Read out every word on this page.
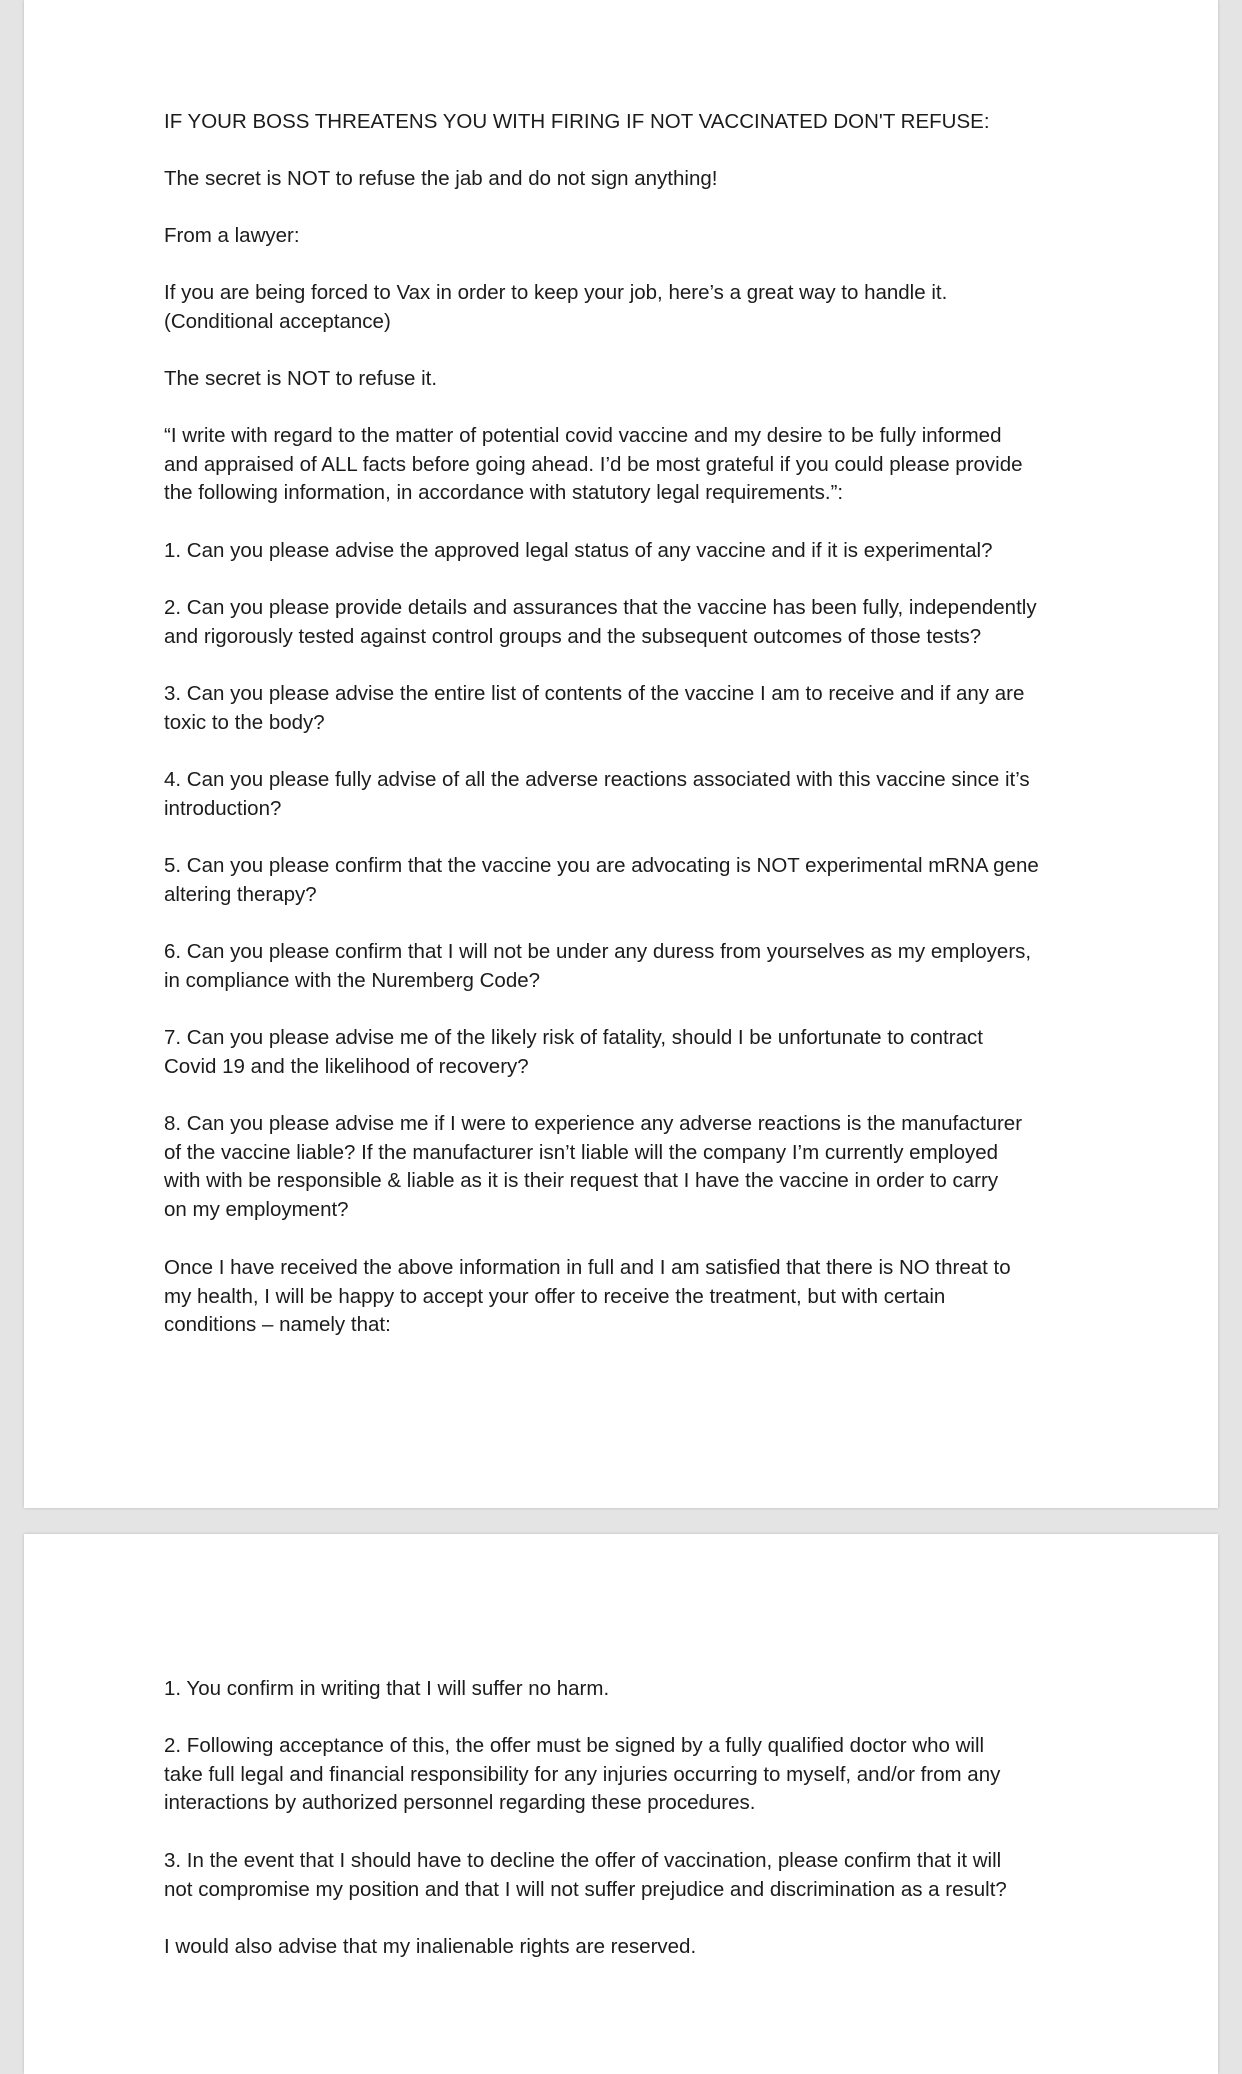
IF YOUR BOSS THREATENS YOU WITH FIRING IF NOT VACCINATED DON'T REFUSE:

The secret is NOT to refuse the jab and do not sign anything!

From a lawyer:

If you are being forced to Vax in order to keep your job, here’s a great way to handle it.
(Conditional acceptance)

The secret is NOT to refuse it.

“I write with regard to the matter of potential covid vaccine and my desire to be fully informed
and appraised of ALL facts before going ahead. I’d be most grateful if you could please provide
the following information, in accordance with statutory legal requirements.”:

1. Can you please advise the approved legal status of any vaccine and if it is experimental?

2. Can you please provide details and assurances that the vaccine has been fully, independently
and rigorously tested against control groups and the subsequent outcomes of those tests?

3. Can you please advise the entire list of contents of the vaccine I am to receive and if any are
toxic to the body?

4. Can you please fully advise of all the adverse reactions associated with this vaccine since it’s
introduction?

5. Can you please confirm that the vaccine you are advocating is NOT experimental mRNA gene
altering therapy?

6. Can you please confirm that I will not be under any duress from yourselves as my employers,
in compliance with the Nuremberg Code?

7. Can you please advise me of the likely risk of fatality, should I be unfortunate to contract
Covid 19 and the likelihood of recovery?

8. Can you please advise me if I were to experience any adverse reactions is the manufacturer
of the vaccine liable? If the manufacturer isn’t liable will the company I’m currently employed
with with be responsible & liable as it is their request that I have the vaccine in order to carry
on my employment?

Once I have received the above information in full and I am satisfied that there is NO threat to
my health, I will be happy to accept your offer to receive the treatment, but with certain
conditions – namely that:

1. You confirm in writing that I will suffer no harm.

2. Following acceptance of this, the offer must be signed by a fully qualified doctor who will
take full legal and financial responsibility for any injuries occurring to myself, and/or from any
interactions by authorized personnel regarding these procedures.

3. In the event that I should have to decline the offer of vaccination, please confirm that it will
not compromise my position and that I will not suffer prejudice and discrimination as a result?

I would also advise that my inalienable rights are reserved.
